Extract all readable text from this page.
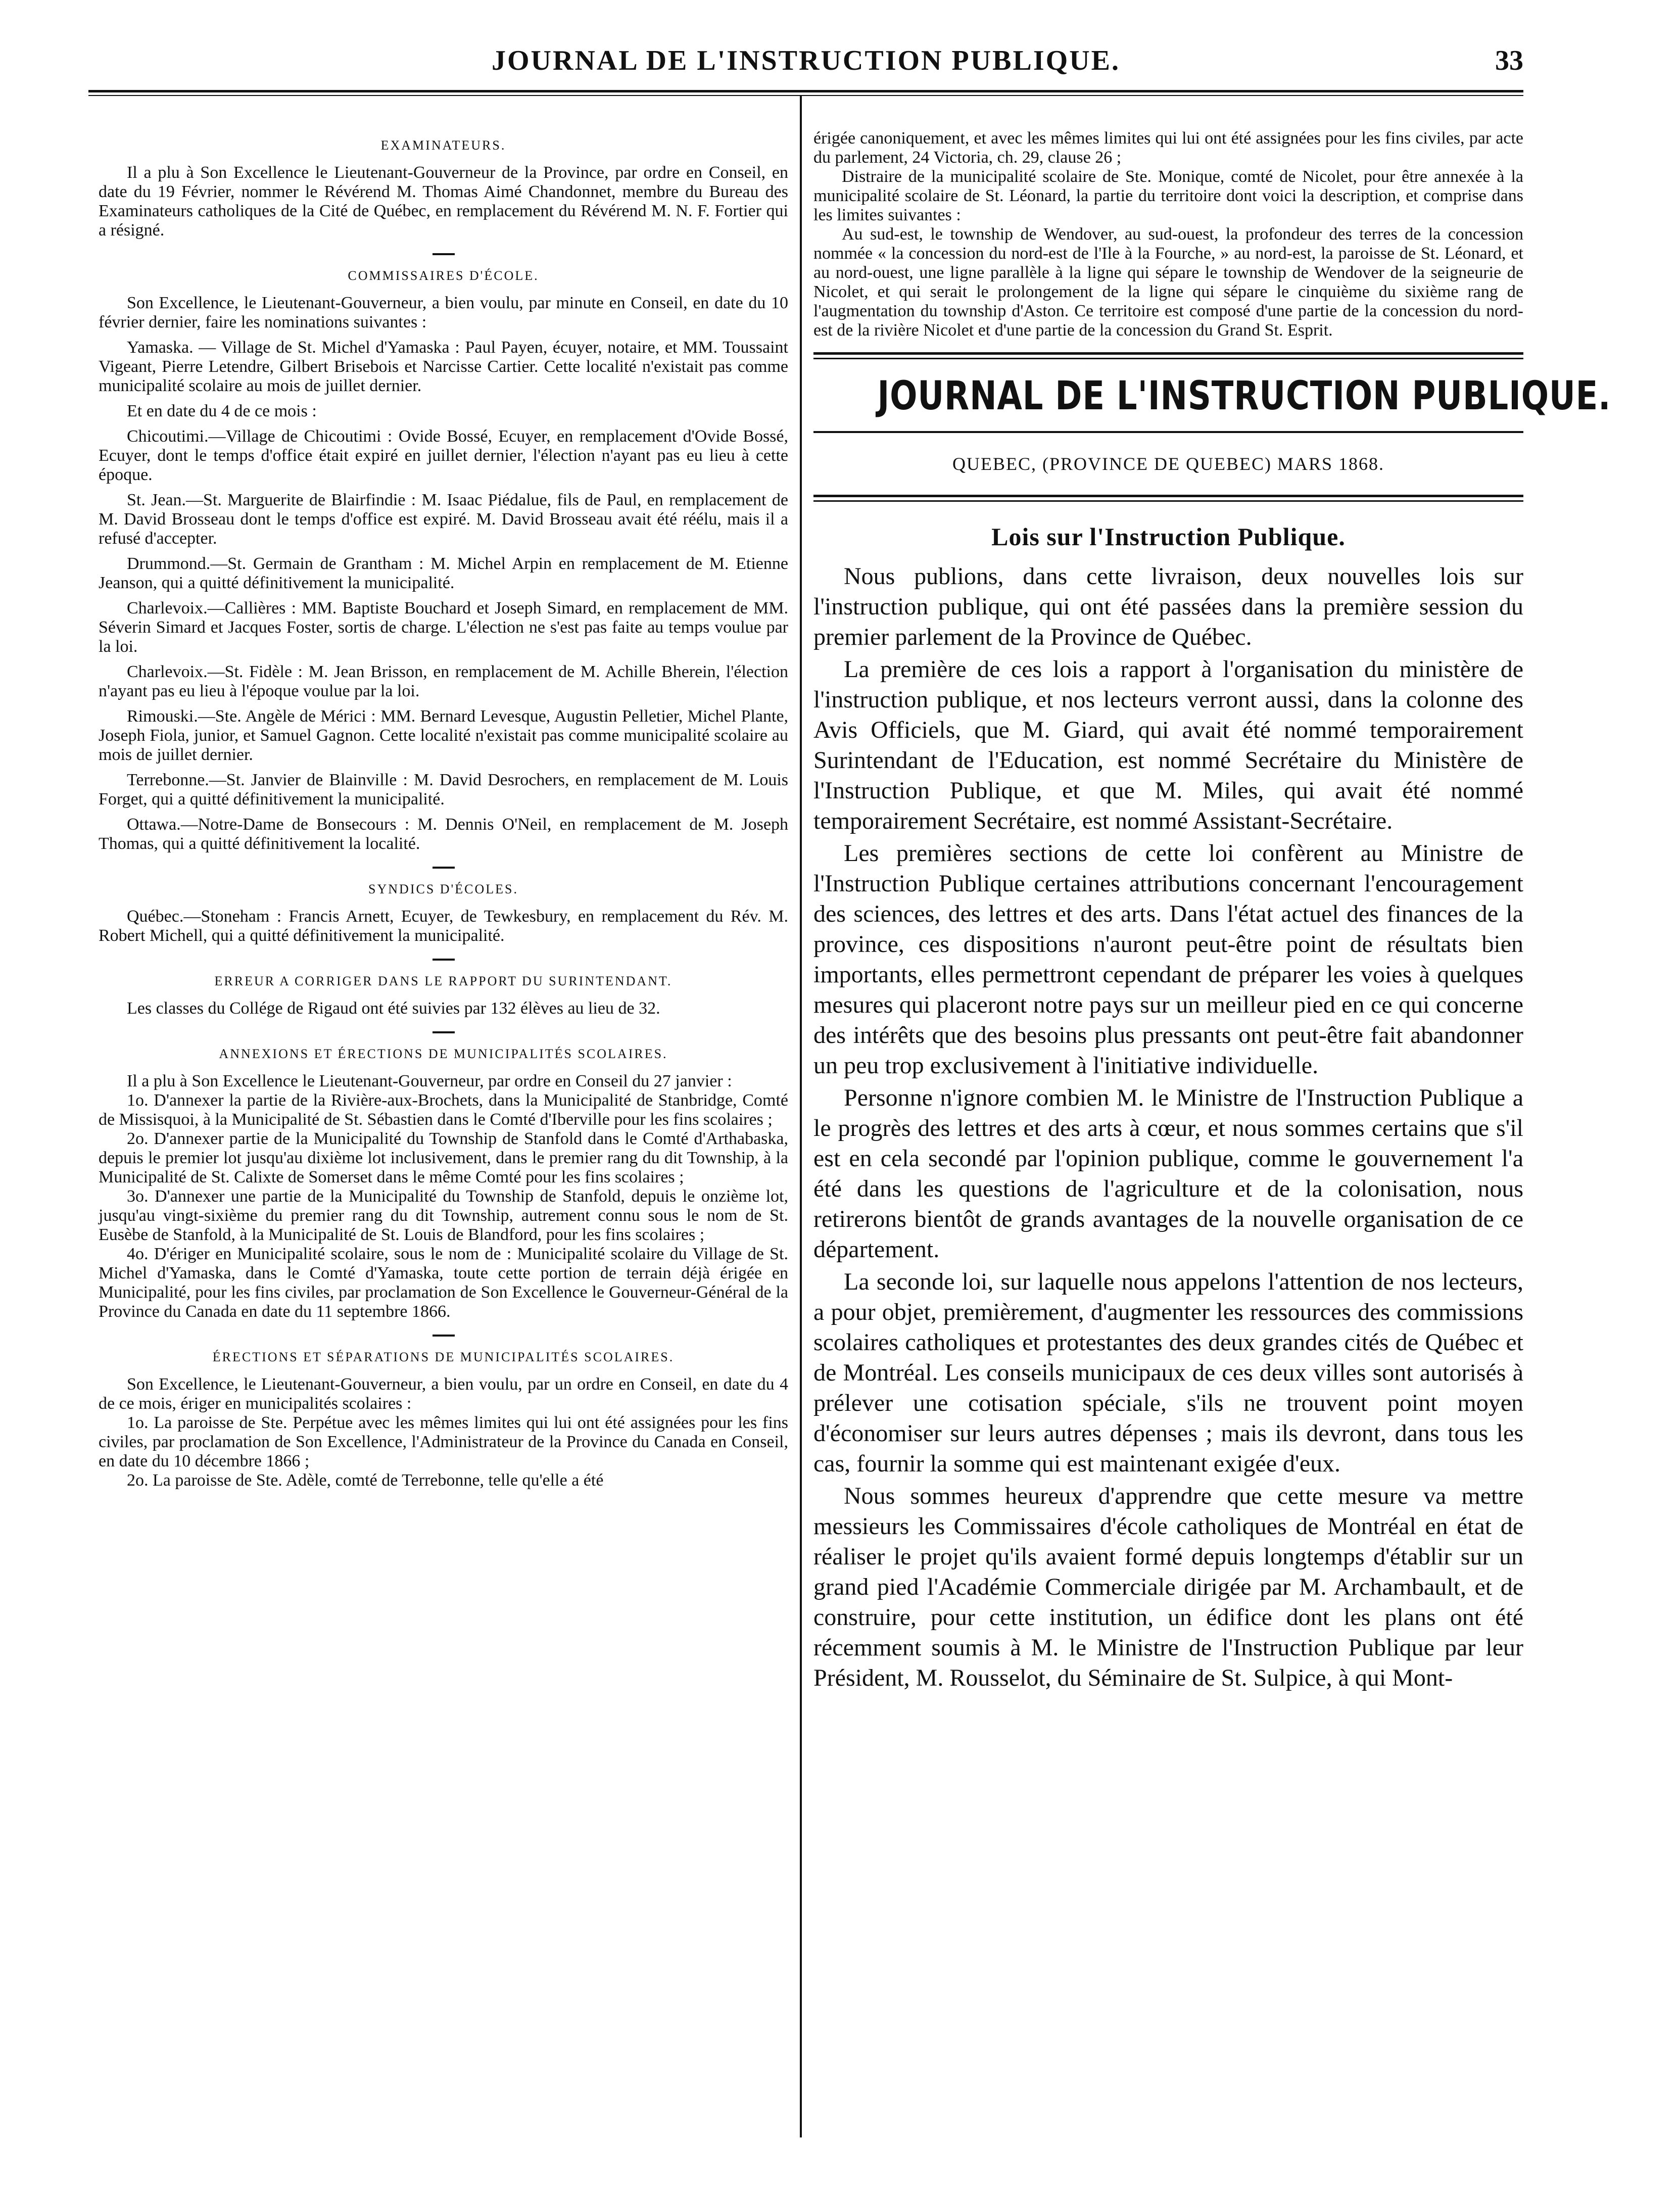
JOURNAL DE L'INSTRUCTION PUBLIQUE.	33
EXAMINATEURS.

Il a plu à Son Excellence le Lieutenant-Gouverneur de la Province, par ordre en Conseil, en date du 19 Février, nommer le Révérend M. Thomas Aimé Chandonnet, membre du Bureau des Examinateurs catholiques de la Cité de Québec, en remplacement du Révérend M. N. F. Fortier qui a résigné.

COMMISSAIRES D'ÉCOLE.

Son Excellence, le Lieutenant-Gouverneur, a bien voulu, par minute en Conseil, en date du 10 février dernier, faire les nominations suivantes :

Yamaska. — Village de St. Michel d'Yamaska : Paul Payen, écuyer, notaire, et MM. Toussaint Vigeant, Pierre Letendre, Gilbert Brisebois et Narcisse Cartier. Cette localité n'existait pas comme municipalité scolaire au mois de juillet dernier.

Et en date du 4 de ce mois :

Chicoutimi.—Village de Chicoutimi : Ovide Bossé, Ecuyer, en remplacement d'Ovide Bossé, Ecuyer, dont le temps d'office était expiré en juillet dernier, l'élection n'ayant pas eu lieu à cette époque.

St. Jean.—St. Marguerite de Blairfindie : M. Isaac Piédalue, fils de Paul, en remplacement de M. David Brosseau dont le temps d'office est expiré. M. David Brosseau avait été réélu, mais il a refusé d'accepter.

Drummond.—St. Germain de Grantham : M. Michel Arpin en remplacement de M. Etienne Jeanson, qui a quitté définitivement la municipalité.

Charlevoix.—Callières : MM. Baptiste Bouchard et Joseph Simard, en remplacement de MM. Séverin Simard et Jacques Foster, sortis de charge. L'élection ne s'est pas faite au temps voulue par la loi.

Charlevoix.—St. Fidèle : M. Jean Brisson, en remplacement de M. Achille Bherein, l'élection n'ayant pas eu lieu à l'époque voulue par la loi.

Rimouski.—Ste. Angèle de Mérici : MM. Bernard Levesque, Augustin Pelletier, Michel Plante, Joseph Fiola, junior, et Samuel Gagnon. Cette localité n'existait pas comme municipalité scolaire au mois de juillet dernier.

Terrebonne.—St. Janvier de Blainville : M. David Desrochers, en remplacement de M. Louis Forget, qui a quitté définitivement la municipalité.

Ottawa.—Notre-Dame de Bonsecours : M. Dennis O'Neil, en remplacement de M. Joseph Thomas, qui a quitté définitivement la localité.

SYNDICS D'ÉCOLES.

Québec.—Stoneham : Francis Arnett, Ecuyer, de Tewkesbury, en remplacement du Rév. M. Robert Michell, qui a quitté définitivement la municipalité.

ERREUR A CORRIGER DANS LE RAPPORT DU SURINTENDANT.

Les classes du Collége de Rigaud ont été suivies par 132 élèves au lieu de 32.

ANNEXIONS ET ÉRECTIONS DE MUNICIPALITÉS SCOLAIRES.

Il a plu à Son Excellence le Lieutenant-Gouverneur, par ordre en Conseil du 27 janvier :

1o. D'annexer la partie de la Rivière-aux-Brochets, dans la Municipalité de Stanbridge, Comté de Missisquoi, à la Municipalité de St. Sébastien dans le Comté d'Iberville pour les fins scolaires ;

2o. D'annexer partie de la Municipalité du Township de Stanfold dans le Comté d'Arthabaska, depuis le premier lot jusqu'au dixième lot inclusivement, dans le premier rang du dit Township, à la Municipalité de St. Calixte de Somerset dans le même Comté pour les fins scolaires ;

3o. D'annexer une partie de la Municipalité du Township de Stanfold, depuis le onzième lot, jusqu'au vingt-sixième du premier rang du dit Township, autrement connu sous le nom de St. Eusèbe de Stanfold, à la Municipalité de St. Louis de Blandford, pour les fins scolaires ;

4o. D'ériger en Municipalité scolaire, sous le nom de : Municipalité scolaire du Village de St. Michel d'Yamaska, dans le Comté d'Yamaska, toute cette portion de terrain déjà érigée en Municipalité, pour les fins civiles, par proclamation de Son Excellence le Gouverneur-Général de la Province du Canada en date du 11 septembre 1866.

ÉRECTIONS ET SÉPARATIONS DE MUNICIPALITÉS SCOLAIRES.

Son Excellence, le Lieutenant-Gouverneur, a bien voulu, par un ordre en Conseil, en date du 4 de ce mois, ériger en municipalités scolaires :

1o. La paroisse de Ste. Perpétue avec les mêmes limites qui lui ont été assignées pour les fins civiles, par proclamation de Son Excellence, l'Administrateur de la Province du Canada en Conseil, en date du 10 décembre 1866 ;

2o. La paroisse de Ste. Adèle, comté de Terrebonne, telle qu'elle a été

érigée canoniquement, et avec les mêmes limites qui lui ont été assignées pour les fins civiles, par acte du parlement, 24 Victoria, ch. 29, clause 26 ;

Distraire de la municipalité scolaire de Ste. Monique, comté de Nicolet, pour être annexée à la municipalité scolaire de St. Léonard, la partie du territoire dont voici la description, et comprise dans les limites suivantes :

Au sud-est, le township de Wendover, au sud-ouest, la profondeur des terres de la concession nommée « la concession du nord-est de l'Ile à la Fourche, » au nord-est, la paroisse de St. Léonard, et au nord-ouest, une ligne parallèle à la ligne qui sépare le township de Wendover de la seigneurie de Nicolet, et qui serait le prolongement de la ligne qui sépare le cinquième du sixième rang de l'augmentation du township d'Aston. Ce territoire est composé d'une partie de la concession du nord-est de la rivière Nicolet et d'une partie de la concession du Grand St. Esprit.

JOURNAL DE L'INSTRUCTION PUBLIQUE.
QUEBEC, (PROVINCE DE QUEBEC) MARS 1868.
Lois sur l'Instruction Publique.

Nous publions, dans cette livraison, deux nouvelles lois sur l'instruction publique, qui ont été passées dans la première session du premier parlement de la Province de Québec.

La première de ces lois a rapport à l'organisation du ministère de l'instruction publique, et nos lecteurs verront aussi, dans la colonne des Avis Officiels, que M. Giard, qui avait été nommé temporairement Surintendant de l'Education, est nommé Secrétaire du Ministère de l'Instruction Publique, et que M. Miles, qui avait été nommé temporairement Secrétaire, est nommé Assistant-Secrétaire.

Les premières sections de cette loi confèrent au Ministre de l'Instruction Publique certaines attributions concernant l'encouragement des sciences, des lettres et des arts. Dans l'état actuel des finances de la province, ces dispositions n'auront peut-être point de résultats bien importants, elles permettront cependant de préparer les voies à quelques mesures qui placeront notre pays sur un meilleur pied en ce qui concerne des intérêts que des besoins plus pressants ont peut-être fait abandonner un peu trop exclusivement à l'initiative individuelle.

Personne n'ignore combien M. le Ministre de l'Instruction Publique a le progrès des lettres et des arts à cœur, et nous sommes certains que s'il est en cela secondé par l'opinion publique, comme le gouvernement l'a été dans les questions de l'agriculture et de la colonisation, nous retirerons bientôt de grands avantages de la nouvelle organisation de ce département.

La seconde loi, sur laquelle nous appelons l'attention de nos lecteurs, a pour objet, premièrement, d'augmenter les ressources des commissions scolaires catholiques et protestantes des deux grandes cités de Québec et de Montréal. Les conseils municipaux de ces deux villes sont autorisés à prélever une cotisation spéciale, s'ils ne trouvent point moyen d'économiser sur leurs autres dépenses ; mais ils devront, dans tous les cas, fournir la somme qui est maintenant exigée d'eux.

Nous sommes heureux d'apprendre que cette mesure va mettre messieurs les Commissaires d'école catholiques de Montréal en état de réaliser le projet qu'ils avaient formé depuis longtemps d'établir sur un grand pied l'Académie Commerciale dirigée par M. Archambault, et de construire, pour cette institution, un édifice dont les plans ont été récemment soumis à M. le Ministre de l'Instruction Publique par leur Président, M. Rousselot, du Séminaire de St. Sulpice, à qui Mont-
